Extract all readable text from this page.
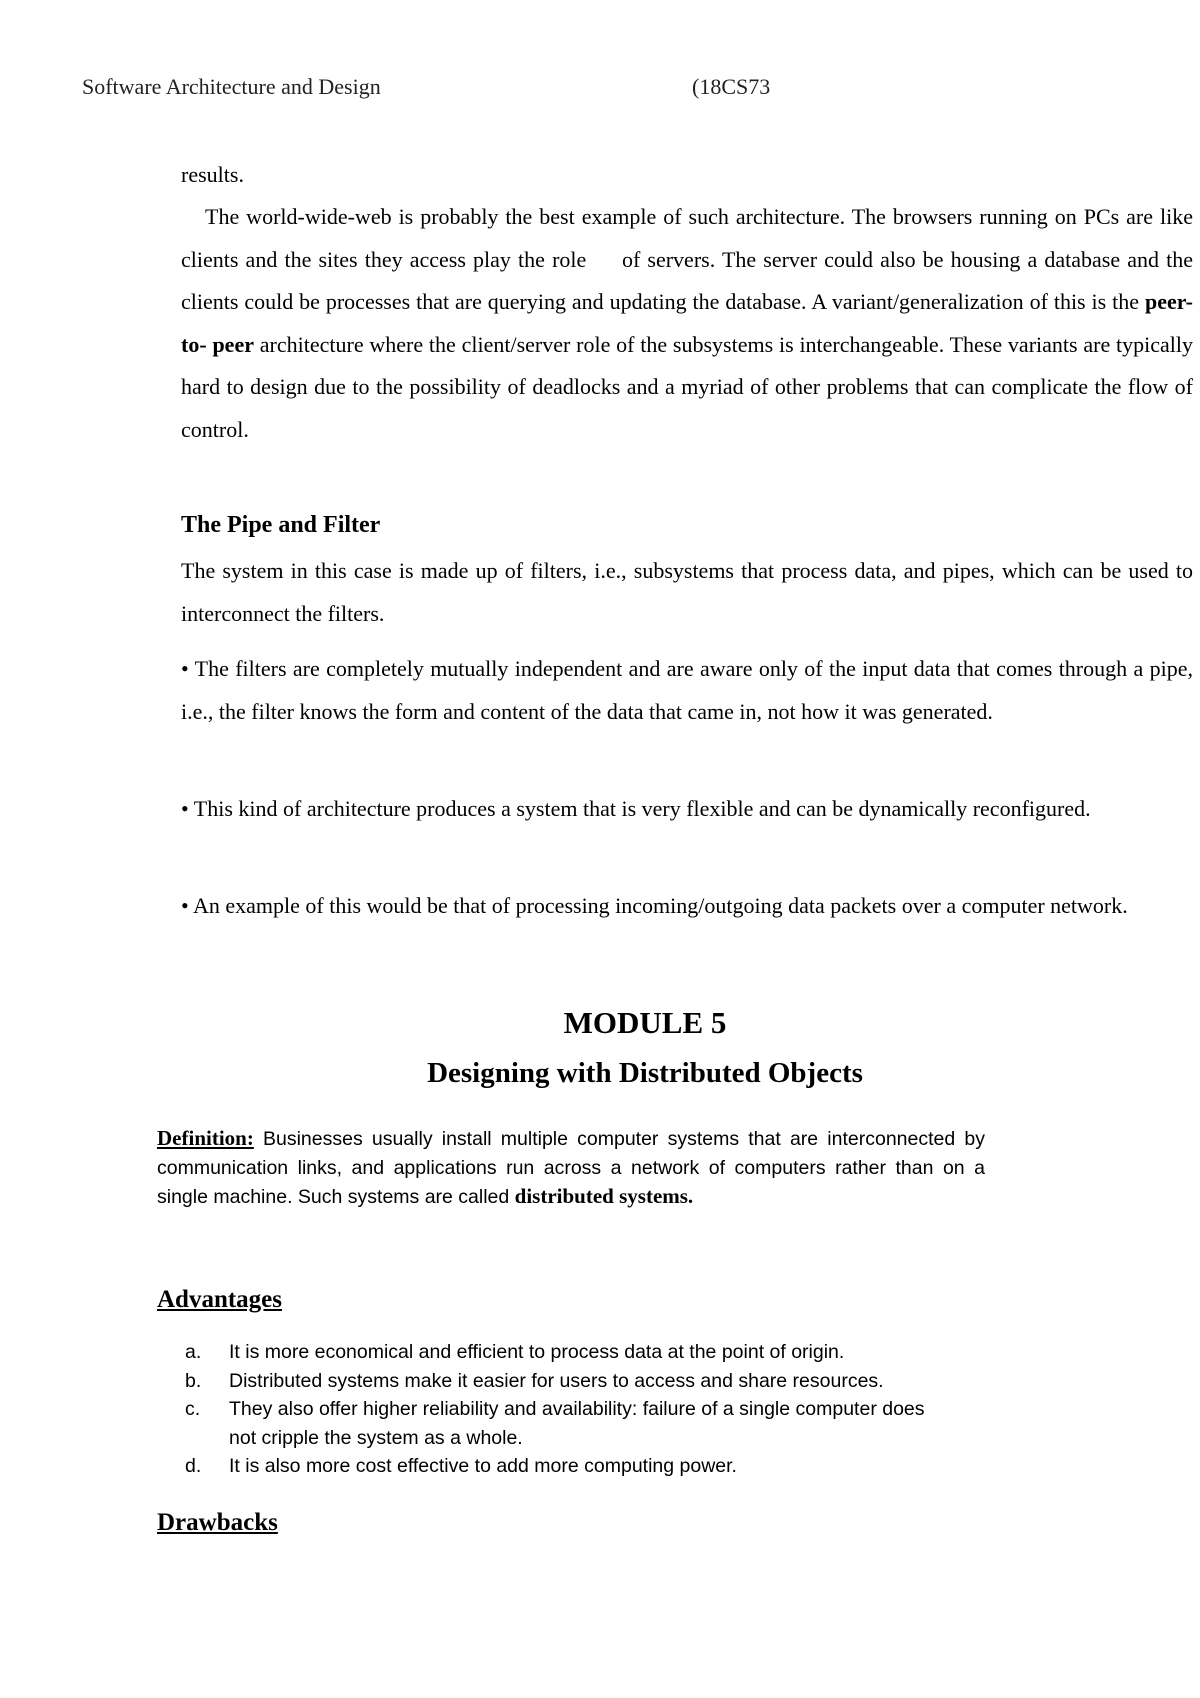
Software Architecture and Design	(18CS73

results.

The world-wide-web is probably the best example of such architecture. The browsers running on PCs are like clients and the sites they access play the role     of servers. The server could also be housing a database and the clients could be processes that are querying and updating the database. A variant/generalization of this is the peer-to- peer architecture where the client/server role of the subsystems is interchangeable. These variants are typically hard to design due to the possibility of deadlocks and a myriad of other problems that can complicate the flow of control.

The Pipe and Filter

The system in this case is made up of filters, i.e., subsystems that process data, and pipes, which can be used to interconnect the filters.

• The filters are completely mutually independent and are aware only of the input data that comes through a pipe, i.e., the filter knows the form and content of the data that came in, not how it was generated.

• This kind of architecture produces a system that is very flexible and can be dynamically reconfigured.

• An example of this would be that of processing incoming/outgoing data packets over a computer network.

MODULE 5
Designing with Distributed Objects

Definition: Businesses usually install multiple computer systems that are interconnected by communication links, and applications run across a network of computers rather than on a single machine. Such systems are called distributed systems.

Advantages
a.	It is more economical and efficient to process data at the point of origin.
b.	Distributed systems make it easier for users to access and share resources.
c.	They also offer higher reliability and availability: failure of a single computer does not cripple the system as a whole.
d.	It is also more cost effective to add more computing power.
Drawbacks
